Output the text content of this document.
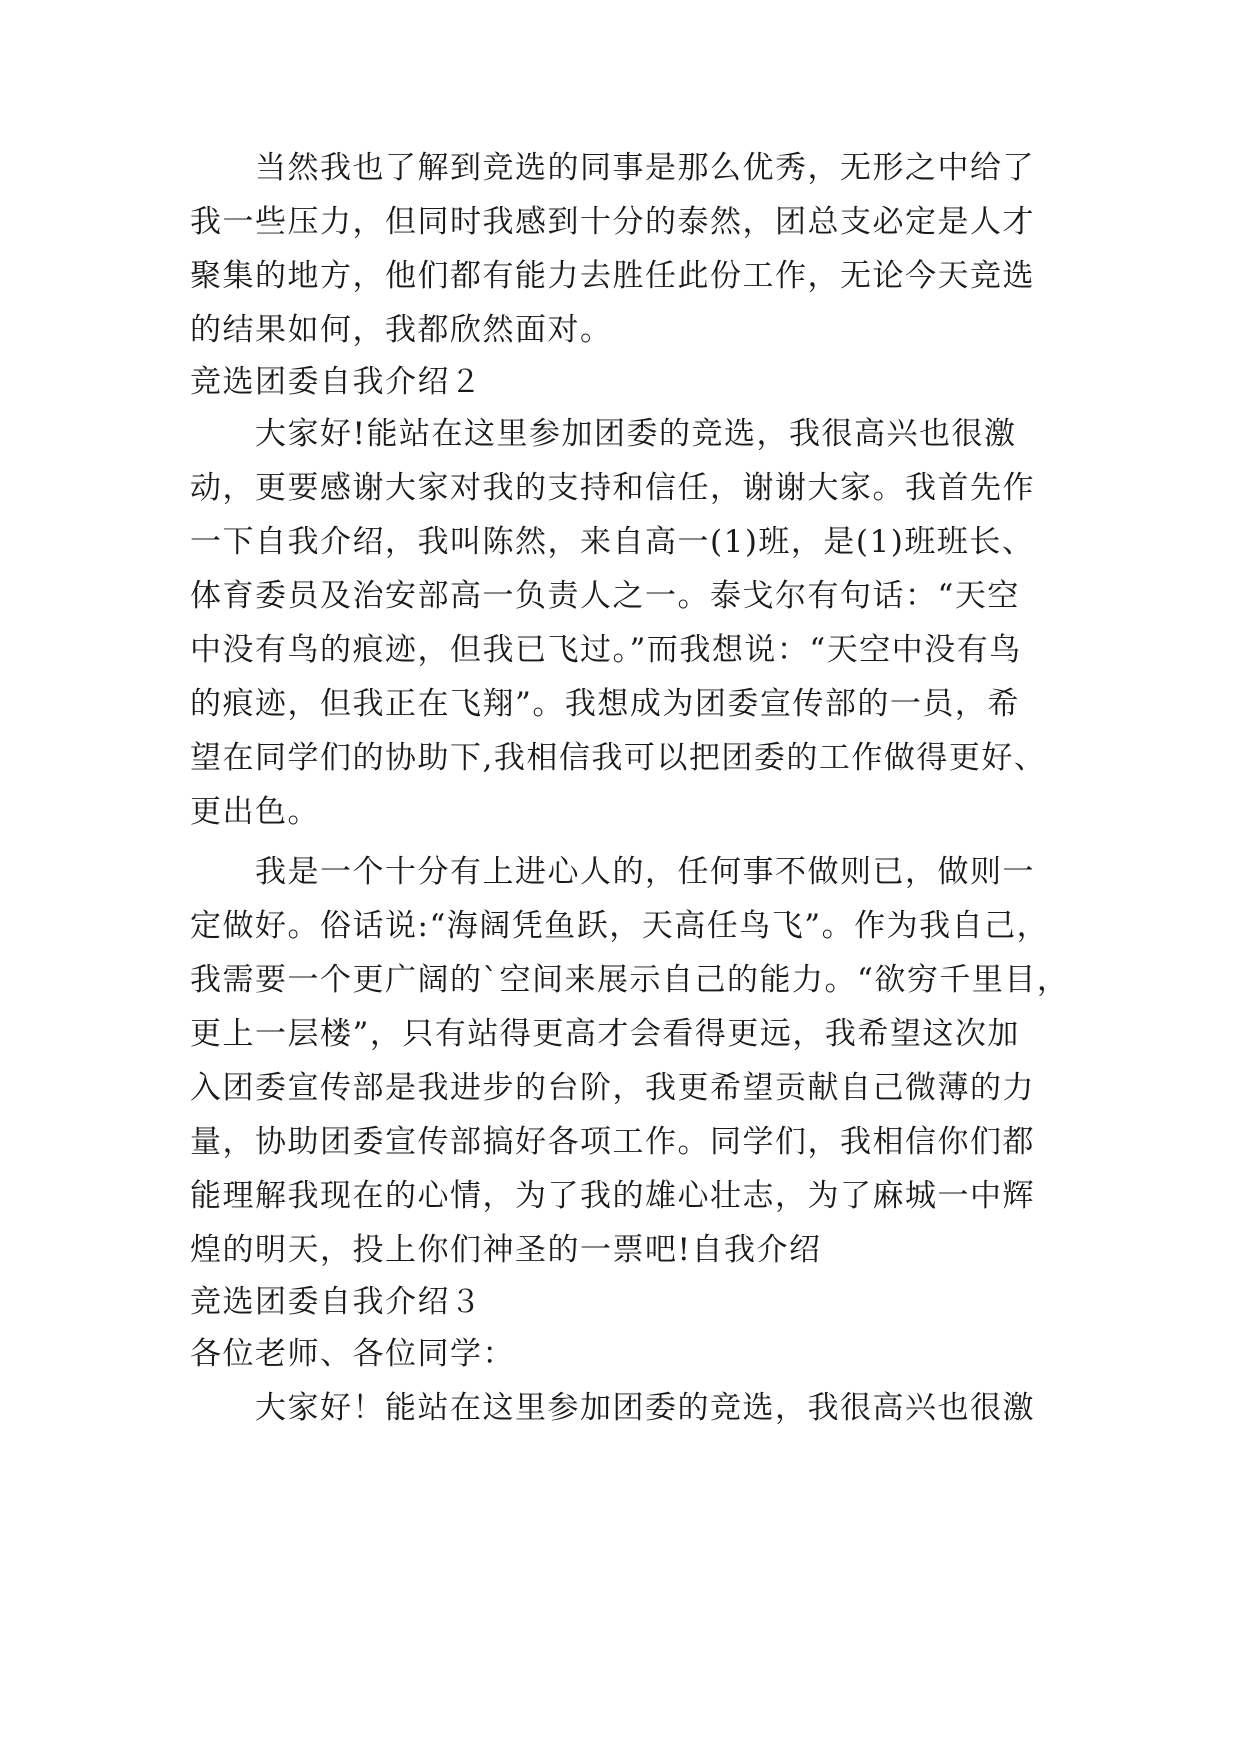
当然我也了解到竞选的同事是那么优秀，无形之中给了
我一些压力，但同时我感到十分的泰然，团总支必定是人才
聚集的地方，他们都有能力去胜任此份工作，无论今天竞选
的结果如何，我都欣然面对。
竞选团委自我介绍２
大家好!能站在这里参加团委的竞选，我很高兴也很激
动，更要感谢大家对我的支持和信任，谢谢大家。我首先作
一下自我介绍，我叫陈然，来自高一(1)班，是(1)班班长、
体育委员及治安部高一负责人之一。泰戈尔有句话：“天空
中没有鸟的痕迹，但我已飞过。”而我想说：“天空中没有鸟
的痕迹，但我正在飞翔”。我想成为团委宣传部的一员，希
望在同学们的协助下,我相信我可以把团委的工作做得更好、
更出色。
我是一个十分有上进心人的，任何事不做则已，做则一
定做好。俗话说:“海阔凭鱼跃，天高任鸟飞”。作为我自己，
我需要一个更广阔的`空间来展示自己的能力。“欲穷千里目，
更上一层楼”，只有站得更高才会看得更远，我希望这次加
入团委宣传部是我进步的台阶，我更希望贡献自己微薄的力
量，协助团委宣传部搞好各项工作。同学们，我相信你们都
能理解我现在的心情，为了我的雄心壮志，为了麻城一中辉
煌的明天，投上你们神圣的一票吧!自我介绍
竞选团委自我介绍３
各位老师、各位同学：
大家好！能站在这里参加团委的竞选，我很高兴也很激
